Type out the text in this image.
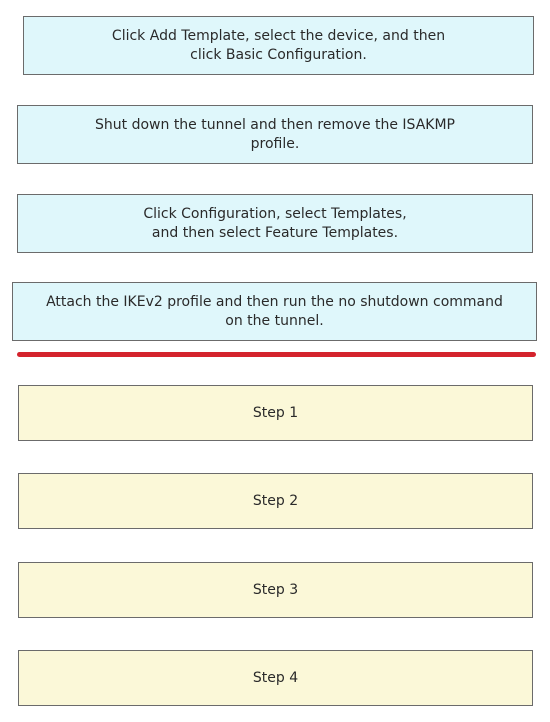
Click Add Template, select the device, and then
click Basic Configuration.
Shut down the tunnel and then remove the ISAKMP
profile.
Click Configuration, select Templates,
and then select Feature Templates.
Attach the IKEv2 profile and then run the no shutdown command
on the tunnel.
Step 1
Step 2
Step 3
Step 4
